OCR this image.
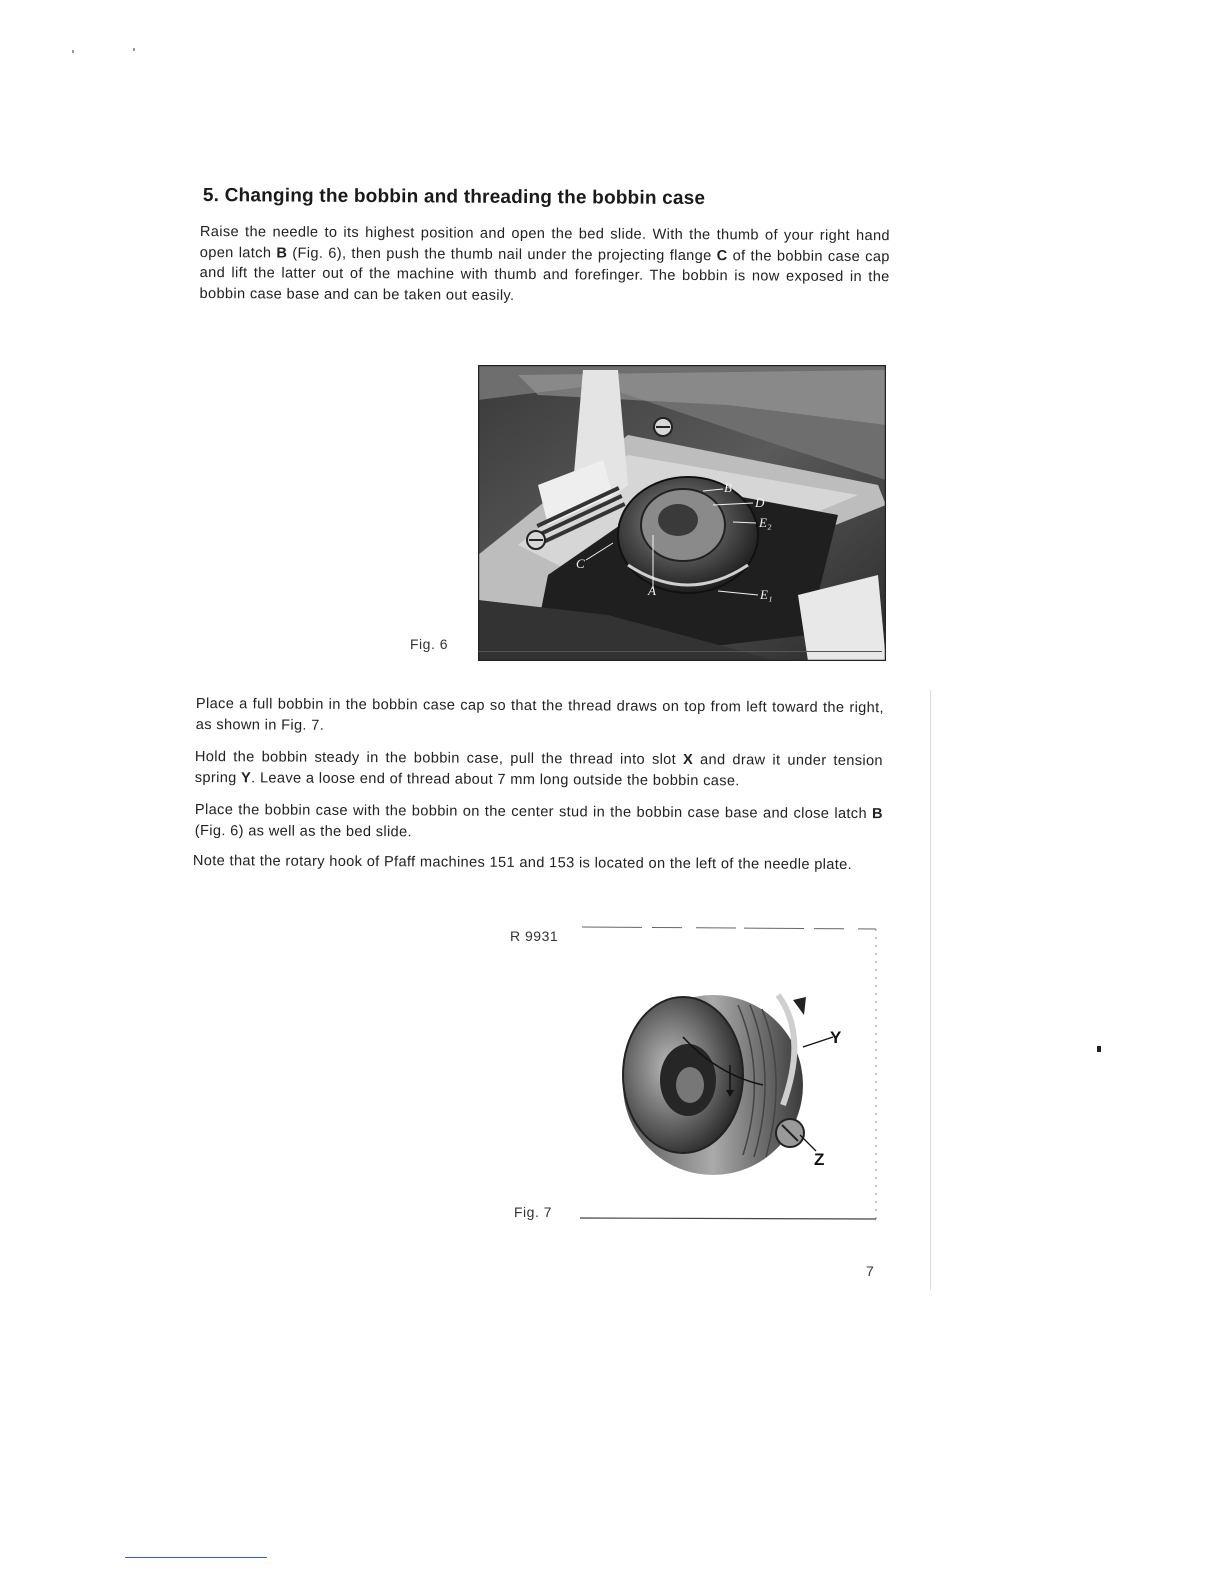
5. Changing the bobbin and threading the bobbin case

Raise the needle to its highest position and open the bed slide. With the thumb of your right hand open latch B (Fig. 6), then push the thumb nail under the projecting flange C of the bobbin case cap and lift the latter out of the machine with thumb and forefinger. The bobbin is now exposed in the bobbin case base and can be taken out easily.

B
D
E₂
C
A	E₁
Fig. 6

Place a full bobbin in the bobbin case cap so that the thread draws on top from left toward the right, as shown in Fig. 7.

Hold the bobbin steady in the bobbin case, pull the thread into slot X and draw it under tension spring Y. Leave a loose end of thread about 7 mm long outside the bobbin case.

Place the bobbin case with the bobbin on the center stud in the bobbin case base and close latch B (Fig. 6) as well as the bed slide.

Note that the rotary hook of Pfaff machines 151 and 153 is located on the left of the needle plate.

R 9931
Y
Z
Fig. 7
7
